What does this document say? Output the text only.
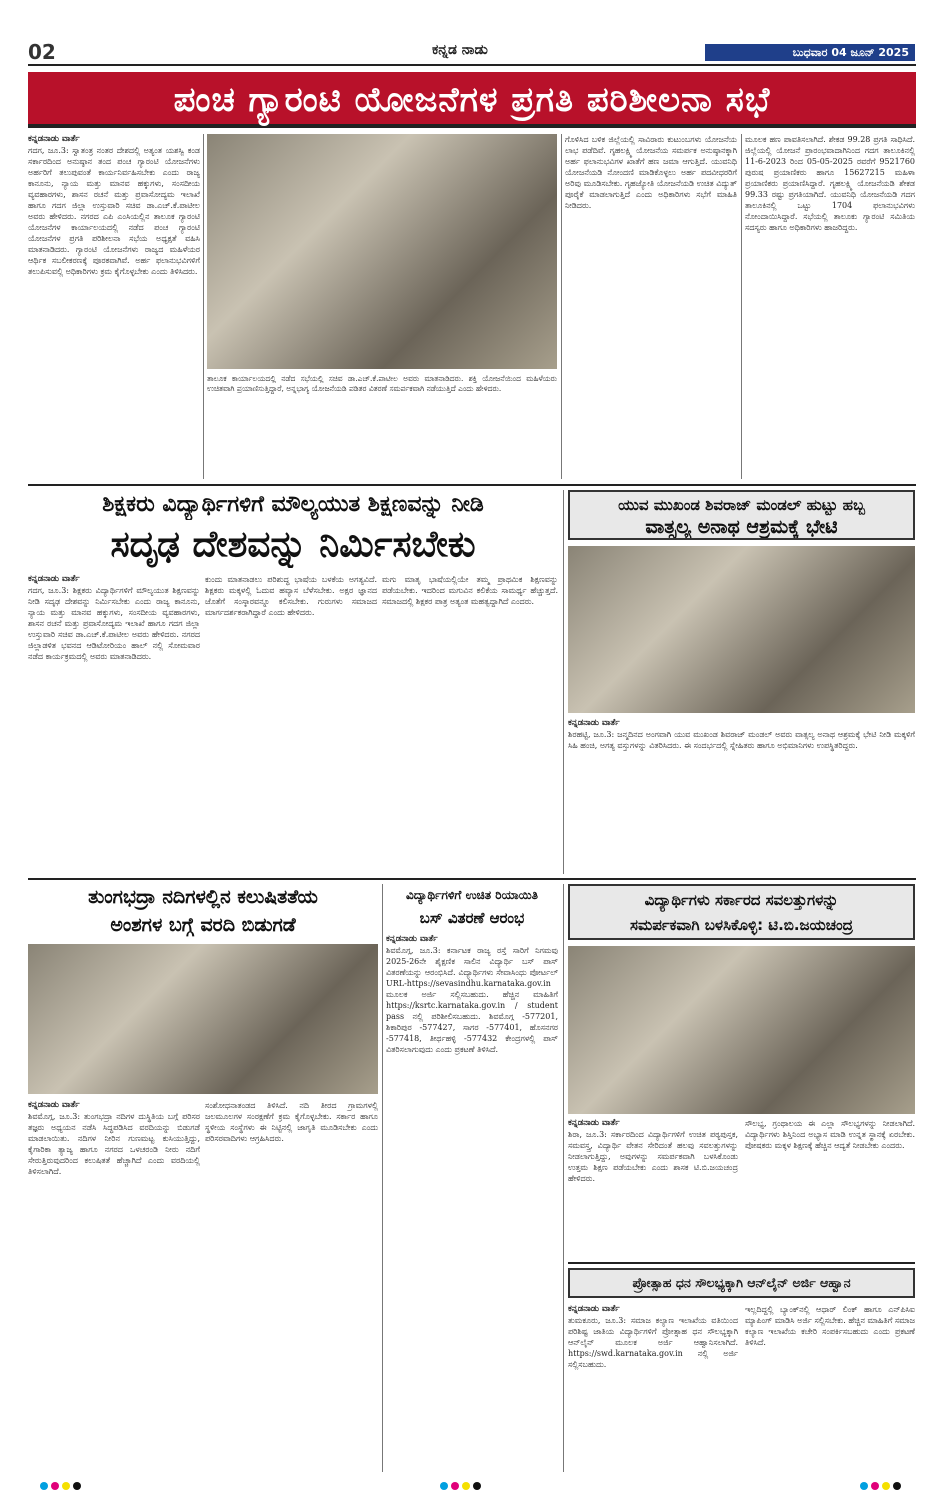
02	ಕನ್ನಡ ನಾಡು	ಬುಧವಾರ 04 ಜೂನ್ 2025
ಪಂಚ ಗ್ಯಾರಂಟಿ ಯೋಜನೆಗಳ ಪ್ರಗತಿ ಪರಿಶೀಲನಾ ಸಭೆ
ಕನ್ನಡನಾಡು ವಾರ್ತೆ
ಗದಗ, ಜೂ.3: ಸ್ವಾತಂತ್ರ ನಂತರ ದೇಶದಲ್ಲಿ ಅತ್ಯಂತ ಯಶಸ್ವಿ ಕಂಡ ಸರ್ಕಾರದಿಂದ ಅನುಷ್ಠಾನ ತಂದ ಪಂಚ ಗ್ಯಾರಂಟಿ ಯೋಜನೆಗಳು ಅರ್ಹರಿಗೆ ತಲುಪುವಂತೆ ಕಾರ್ಯನಿರ್ವಹಿಸಬೇಕು ಎಂದು ರಾಜ್ಯ ಕಾನೂನು, ನ್ಯಾಯ ಮತ್ತು ಮಾನವ ಹಕ್ಕುಗಳು, ಸಂಸದೀಯ ವ್ಯವಹಾರಗಳು, ಶಾಸನ ರಚನೆ ಮತ್ತು ಪ್ರವಾಸೋದ್ಯಮ ಇಲಾಖೆ ಹಾಗೂ ಗದಗ ಜಿಲ್ಲಾ ಉಸ್ತುವಾರಿ ಸಚಿವ ಡಾ.ಎಚ್.ಕೆ.ಪಾಟೀಲ ಅವರು ಹೇಳಿದರು. ನಗರದ ಎಪಿ ಎಂಸಿಯಲ್ಲಿನ ತಾಲೂಕ ಗ್ಯಾರಂಟಿ ಯೋಜನೆಗಳ ಕಾರ್ಯಾಲಯದಲ್ಲಿ ನಡೆದ ಪಂಚ ಗ್ಯಾರಂಟಿ ಯೋಜನೆಗಳ ಪ್ರಗತಿ ಪರಿಶೀಲನಾ ಸಭೆಯ ಅಧ್ಯಕ್ಷತೆ ವಹಿಸಿ ಮಾತನಾಡಿದರು. ಗ್ಯಾರಂಟಿ ಯೋಜನೆಗಳು ರಾಜ್ಯದ ಮಹಿಳೆಯರ ಆರ್ಥಿಕ ಸಬಲೀಕರಣಕ್ಕೆ ಪೂರಕವಾಗಿವೆ. ಅರ್ಹ ಫಲಾನುಭವಿಗಳಿಗೆ ತಲುಪಿಸುವಲ್ಲಿ ಅಧಿಕಾರಿಗಳು ಕ್ರಮ ಕೈಗೊಳ್ಳಬೇಕು ಎಂದು ತಿಳಿಸಿದರು.
ತಾಲೂಕ ಕಾರ್ಯಾಲಯದಲ್ಲಿ ನಡೆದ ಸಭೆಯಲ್ಲಿ ಸಚಿವ ಡಾ.ಎಚ್.ಕೆ.ಪಾಟೀಲ ಅವರು ಮಾತನಾಡಿದರು. ಶಕ್ತಿ ಯೋಜನೆಯಿಂದ ಮಹಿಳೆಯರು ಉಚಿತವಾಗಿ ಪ್ರಯಾಣಿಸುತ್ತಿದ್ದಾರೆ, ಅನ್ನಭಾಗ್ಯ ಯೋಜನೆಯಡಿ ಪಡಿತರ ವಿತರಣೆ ಸಮರ್ಪಕವಾಗಿ ನಡೆಯುತ್ತಿದೆ ಎಂದು ಹೇಳಿದರು.
ಗೊಳಿಸಿದ ಬಳಿಕ ಜಿಲ್ಲೆಯಲ್ಲಿ ಸಾವಿರಾರು ಕುಟುಂಬಗಳು ಯೋಜನೆಯ ಲಾಭ ಪಡೆದಿವೆ. ಗೃಹಲಕ್ಷ್ಮಿ ಯೋಜನೆಯ ಸಮರ್ಪಕ ಅನುಷ್ಠಾನಕ್ಕಾಗಿ ಅರ್ಹ ಫಲಾನುಭವಿಗಳ ಖಾತೆಗೆ ಹಣ ಜಮಾ ಆಗುತ್ತಿದೆ. ಯುವನಿಧಿ ಯೋಜನೆಯಡಿ ನೋಂದಣಿ ಮಾಡಿಕೊಳ್ಳಲು ಅರ್ಹ ಪದವೀಧರರಿಗೆ ಅರಿವು ಮೂಡಿಸಬೇಕು. ಗೃಹಜ್ಯೋತಿ ಯೋಜನೆಯಡಿ ಉಚಿತ ವಿದ್ಯುತ್ ಪೂರೈಕೆ ಮಾಡಲಾಗುತ್ತಿದೆ ಎಂದು ಅಧಿಕಾರಿಗಳು ಸಭೆಗೆ ಮಾಹಿತಿ ನೀಡಿದರು.
ಮೂಲಕ ಹಣ ಪಾವತಿಸಲಾಗಿದೆ. ಶೇಕಡ 99.28 ಪ್ರಗತಿ ಸಾಧಿಸಿದೆ. ಜಿಲ್ಲೆಯಲ್ಲಿ ಯೋಜನೆ ಪ್ರಾರಂಭವಾದಾಗಿನಿಂದ ಗದಗ ತಾಲೂಕಿನಲ್ಲಿ 11-6-2023 ರಿಂದ 05-05-2025 ರವರೆಗೆ 9521760 ಪುರುಷ ಪ್ರಯಾಣಿಕರು ಹಾಗೂ 15627215 ಮಹಿಳಾ ಪ್ರಯಾಣಿಕರು ಪ್ರಯಾಣಿಸಿದ್ದಾರೆ. ಗೃಹಲಕ್ಷ್ಮಿ ಯೋಜನೆಯಡಿ ಶೇಕಡ 99.33 ರಷ್ಟು ಪ್ರಗತಿಯಾಗಿದೆ. ಯುವನಿಧಿ ಯೋಜನೆಯಡಿ ಗದಗ ತಾಲೂಕಿನಲ್ಲಿ ಒಟ್ಟು 1704 ಫಲಾನುಭವಿಗಳು ನೋಂದಾಯಿಸಿದ್ದಾರೆ. ಸಭೆಯಲ್ಲಿ ತಾಲೂಕು ಗ್ಯಾರಂಟಿ ಸಮಿತಿಯ ಸದಸ್ಯರು ಹಾಗೂ ಅಧಿಕಾರಿಗಳು ಹಾಜರಿದ್ದರು.
ಶಿಕ್ಷಕರು ವಿದ್ಯಾರ್ಥಿಗಳಿಗೆ ಮೌಲ್ಯಯುತ ಶಿಕ್ಷಣವನ್ನು ನೀಡಿ
ಸದೃಢ ದೇಶವನ್ನು ನಿರ್ಮಿಸಬೇಕು
ಕನ್ನಡನಾಡು ವಾರ್ತೆ
ಗದಗ, ಜೂ.3: ಶಿಕ್ಷಕರು ವಿದ್ಯಾರ್ಥಿಗಳಿಗೆ ಮೌಲ್ಯಯುತ ಶಿಕ್ಷಣವನ್ನು ನೀಡಿ ಸದೃಢ ದೇಶವನ್ನು ನಿರ್ಮಿಸಬೇಕು ಎಂದು ರಾಜ್ಯ ಕಾನೂನು, ನ್ಯಾಯ ಮತ್ತು ಮಾನವ ಹಕ್ಕುಗಳು, ಸಂಸದೀಯ ವ್ಯವಹಾರಗಳು, ಶಾಸನ ರಚನೆ ಮತ್ತು ಪ್ರವಾಸೋದ್ಯಮ ಇಲಾಖೆ ಹಾಗೂ ಗದಗ ಜಿಲ್ಲಾ ಉಸ್ತುವಾರಿ ಸಚಿವ ಡಾ.ಎಚ್.ಕೆ.ಪಾಟೀಲ ಅವರು ಹೇಳಿದರು. ನಗರದ ಜಿಲ್ಲಾಡಳಿತ ಭವನದ ಆಡಿಟೋರಿಯಂ ಹಾಲ್ ನಲ್ಲಿ ಸೋಮವಾರ ನಡೆದ ಕಾರ್ಯಕ್ರಮದಲ್ಲಿ ಅವರು ಮಾತನಾಡಿದರು.
ಕುಂದು ಮಾತನಾಡಲು ಪರಿಶುದ್ಧ ಭಾಷೆಯ ಬಳಕೆಯ ಅಗತ್ಯವಿದೆ. ಶಿಕ್ಷಕರು ಮಕ್ಕಳಲ್ಲಿ ಓದುವ ಹವ್ಯಾಸ ಬೆಳೆಸಬೇಕು. ಅಕ್ಷರ ಜ್ಞಾನದ ಜೊತೆಗೆ ಸಂಸ್ಕಾರವನ್ನೂ ಕಲಿಸಬೇಕು. ಗುರುಗಳು ಸಮಾಜದ ಮಾರ್ಗದರ್ಶಕರಾಗಿದ್ದಾರೆ ಎಂದು ಹೇಳಿದರು.
ಮಗು ಮಾತೃ ಭಾಷೆಯಲ್ಲಿಯೇ ತಮ್ಮ ಪ್ರಾಥಮಿಕ ಶಿಕ್ಷಣವನ್ನು ಪಡೆಯಬೇಕು. ಇದರಿಂದ ಮಗುವಿನ ಕಲಿಕೆಯ ಸಾಮರ್ಥ್ಯ ಹೆಚ್ಚುತ್ತದೆ. ಸಮಾಜದಲ್ಲಿ ಶಿಕ್ಷಕರ ಪಾತ್ರ ಅತ್ಯಂತ ಮಹತ್ವದ್ದಾಗಿದೆ ಎಂದರು.
ಯುವ ಮುಖಂಡ ಶಿವರಾಜ್ ಮಂಡಲ್ ಹುಟ್ಟು ಹಬ್ಬ
ವಾತ್ಸಲ್ಯ ಅನಾಥ ಆಶ್ರಮಕ್ಕೆ ಭೇಟಿ
ಕನ್ನಡನಾಡು ವಾರ್ತೆ
ಶಿರಹಟ್ಟಿ, ಜೂ.3: ಜನ್ಮದಿನದ ಅಂಗವಾಗಿ ಯುವ ಮುಖಂಡ ಶಿವರಾಜ್ ಮಂಡಲ್ ಅವರು ವಾತ್ಸಲ್ಯ ಅನಾಥ ಆಶ್ರಮಕ್ಕೆ ಭೇಟಿ ನೀಡಿ ಮಕ್ಕಳಿಗೆ ಸಿಹಿ ಹಂಚಿ, ಅಗತ್ಯ ವಸ್ತುಗಳನ್ನು ವಿತರಿಸಿದರು. ಈ ಸಂದರ್ಭದಲ್ಲಿ ಸ್ನೇಹಿತರು ಹಾಗೂ ಅಭಿಮಾನಿಗಳು ಉಪಸ್ಥಿತರಿದ್ದರು.
ತುಂಗಭದ್ರಾ ನದಿಗಳಲ್ಲಿನ ಕಲುಷಿತತೆಯ
ಅಂಶಗಳ ಬಗ್ಗೆ ವರದಿ ಬಿಡುಗಡೆ
ಕನ್ನಡನಾಡು ವಾರ್ತೆ
ಶಿವಮೊಗ್ಗ, ಜೂ.3: ತುಂಗಭದ್ರಾ ನದಿಗಳ ದುಸ್ಥಿತಿಯ ಬಗ್ಗೆ ಪರಿಸರ ತಜ್ಞರು ಅಧ್ಯಯನ ನಡೆಸಿ ಸಿದ್ಧಪಡಿಸಿದ ವರದಿಯನ್ನು ಬಿಡುಗಡೆ ಮಾಡಲಾಯಿತು. ನದಿಗಳ ನೀರಿನ ಗುಣಮಟ್ಟ ಕುಸಿಯುತ್ತಿದ್ದು, ಕೈಗಾರಿಕಾ ತ್ಯಾಜ್ಯ ಹಾಗೂ ನಗರದ ಒಳಚರಂಡಿ ನೀರು ನದಿಗೆ ಸೇರುತ್ತಿರುವುದರಿಂದ ಕಲುಷಿತತೆ ಹೆಚ್ಚಾಗಿದೆ ಎಂದು ವರದಿಯಲ್ಲಿ ತಿಳಿಸಲಾಗಿದೆ.
ಸಂಶೋಧನಾತಂಡದ ತಿಳಿಸಿದೆ. ನದಿ ತೀರದ ಗ್ರಾಮಗಳಲ್ಲಿ ಜಲಮೂಲಗಳ ಸಂರಕ್ಷಣೆಗೆ ಕ್ರಮ ಕೈಗೊಳ್ಳಬೇಕು. ಸರ್ಕಾರ ಹಾಗೂ ಸ್ಥಳೀಯ ಸಂಸ್ಥೆಗಳು ಈ ನಿಟ್ಟಿನಲ್ಲಿ ಜಾಗೃತಿ ಮೂಡಿಸಬೇಕು ಎಂದು ಪರಿಸರವಾದಿಗಳು ಆಗ್ರಹಿಸಿದರು.
ವಿದ್ಯಾರ್ಥಿಗಳಿಗೆ ಉಚಿತ ರಿಯಾಯಿತಿ
ಬಸ್ ವಿತರಣೆ ಆರಂಭ
ಕನ್ನಡನಾಡು ವಾರ್ತೆ
ಶಿವಮೊಗ್ಗ, ಜೂ.3: ಕರ್ನಾಟಕ ರಾಜ್ಯ ರಸ್ತೆ ಸಾರಿಗೆ ನಿಗಮವು 2025-26ನೇ ಶೈಕ್ಷಣಿಕ ಸಾಲಿನ ವಿದ್ಯಾರ್ಥಿ ಬಸ್ ಪಾಸ್ ವಿತರಣೆಯನ್ನು ಆರಂಭಿಸಿದೆ. ವಿದ್ಯಾರ್ಥಿಗಳು ಸೇವಾಸಿಂಧು ಪೋರ್ಟಲ್ URL-https://sevasindhu.karnataka.gov.in ಮೂಲಕ ಅರ್ಜಿ ಸಲ್ಲಿಸಬಹುದು. ಹೆಚ್ಚಿನ ಮಾಹಿತಿಗೆ https://ksrtc.karnataka.gov.in / student pass ನಲ್ಲಿ ಪರಿಶೀಲಿಸಬಹುದು. ಶಿವಮೊಗ್ಗ -577201, ಶಿಕಾರಿಪುರ -577427, ಸಾಗರ -577401, ಹೊಸನಗರ -577418, ತೀರ್ಥಹಳ್ಳಿ -577432 ಕೇಂದ್ರಗಳಲ್ಲಿ ಪಾಸ್ ವಿತರಿಸಲಾಗುವುದು ಎಂದು ಪ್ರಕಟಣೆ ತಿಳಿಸಿದೆ.
ವಿದ್ಯಾರ್ಥಿಗಳು ಸರ್ಕಾರದ ಸವಲತ್ತುಗಳನ್ನು
ಸಮರ್ಪಕವಾಗಿ ಬಳಸಿಕೊಳ್ಳಿ: ಟಿ.ಬಿ.ಜಯಚಂದ್ರ
ಕನ್ನಡನಾಡು ವಾರ್ತೆ
ಶಿರಾ, ಜೂ.3: ಸರ್ಕಾರದಿಂದ ವಿದ್ಯಾರ್ಥಿಗಳಿಗೆ ಉಚಿತ ಪಠ್ಯಪುಸ್ತಕ, ಸಮವಸ್ತ್ರ, ವಿದ್ಯಾರ್ಥಿ ವೇತನ ಸೇರಿದಂತೆ ಹಲವು ಸವಲತ್ತುಗಳನ್ನು ನೀಡಲಾಗುತ್ತಿದ್ದು, ಅವುಗಳನ್ನು ಸಮರ್ಪಕವಾಗಿ ಬಳಸಿಕೊಂಡು ಉತ್ತಮ ಶಿಕ್ಷಣ ಪಡೆಯಬೇಕು ಎಂದು ಶಾಸಕ ಟಿ.ಬಿ.ಜಯಚಂದ್ರ ಹೇಳಿದರು.
ಸೌಲಭ್ಯ, ಗ್ರಂಥಾಲಯ ಈ ಎಲ್ಲಾ ಸೌಲಭ್ಯಗಳನ್ನು ನೀಡಲಾಗಿದೆ. ವಿದ್ಯಾರ್ಥಿಗಳು ಶಿಸ್ತಿನಿಂದ ಅಭ್ಯಾಸ ಮಾಡಿ ಉನ್ನತ ಸ್ಥಾನಕ್ಕೆ ಏರಬೇಕು. ಪೋಷಕರು ಮಕ್ಕಳ ಶಿಕ್ಷಣಕ್ಕೆ ಹೆಚ್ಚಿನ ಆದ್ಯತೆ ನೀಡಬೇಕು ಎಂದರು.
ಪ್ರೋತ್ಸಾಹ ಧನ ಸೌಲಭ್ಯಕ್ಕಾಗಿ ಆನ್‌ಲೈನ್ ಅರ್ಜಿ ಆಹ್ವಾನ
ಕನ್ನಡನಾಡು ವಾರ್ತೆ
ತುಮಕೂರು, ಜೂ.3: ಸಮಾಜ ಕಲ್ಯಾಣ ಇಲಾಖೆಯ ವತಿಯಿಂದ ಪರಿಶಿಷ್ಟ ಜಾತಿಯ ವಿದ್ಯಾರ್ಥಿಗಳಿಗೆ ಪ್ರೋತ್ಸಾಹ ಧನ ಸೌಲಭ್ಯಕ್ಕಾಗಿ ಆನ್‌ಲೈನ್ ಮೂಲಕ ಅರ್ಜಿ ಆಹ್ವಾನಿಸಲಾಗಿದೆ. https://swd.karnataka.gov.in ನಲ್ಲಿ ಅರ್ಜಿ ಸಲ್ಲಿಸಬಹುದು.
ಇಲ್ಲದಿದ್ದಲ್ಲಿ ಬ್ಯಾಂಕ್‌ನಲ್ಲಿ ಆಧಾರ್ ಲಿಂಕ್ ಹಾಗೂ ಎನ್‌ಪಿಸಿಐ ಮ್ಯಾಪಿಂಗ್ ಮಾಡಿಸಿ ಅರ್ಜಿ ಸಲ್ಲಿಸಬೇಕು. ಹೆಚ್ಚಿನ ಮಾಹಿತಿಗೆ ಸಮಾಜ ಕಲ್ಯಾಣ ಇಲಾಖೆಯ ಕಚೇರಿ ಸಂಪರ್ಕಿಸಬಹುದು ಎಂದು ಪ್ರಕಟಣೆ ತಿಳಿಸಿದೆ.
